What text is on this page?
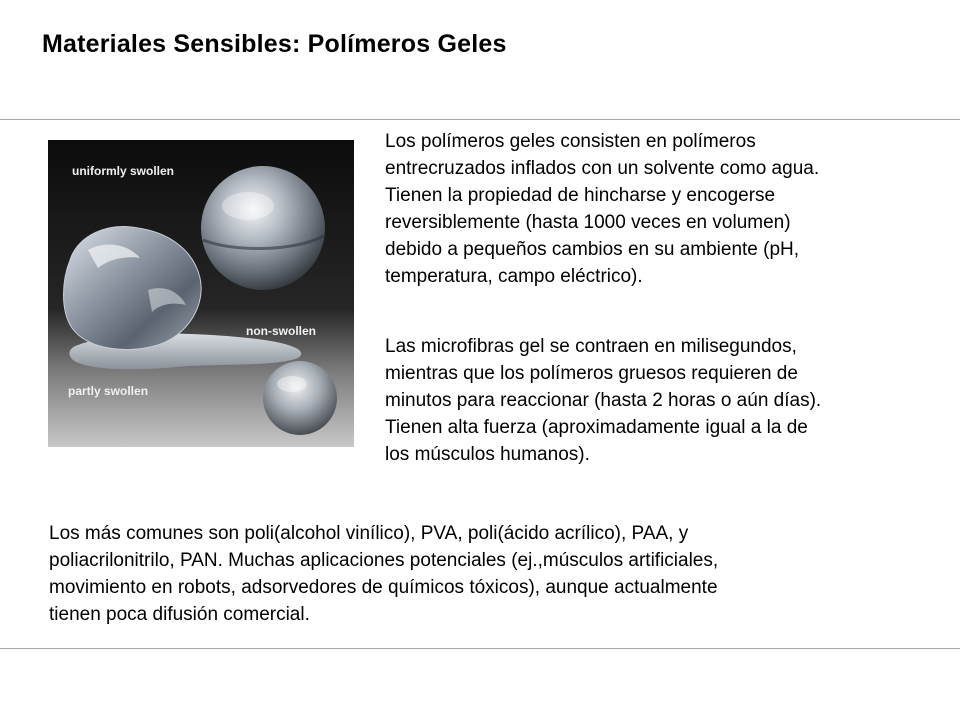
Materiales Sensibles: Polímeros Geles
uniformly swollen
non-swollen
partly swollen

Los polímeros geles consisten en polímeros
entrecruzados inflados con un solvente como agua.
Tienen la propiedad de hincharse y encogerse
reversiblemente (hasta 1000 veces en volumen)
debido a pequeños cambios en su ambiente (pH,
temperatura, campo eléctrico).

Las microfibras gel se contraen en milisegundos,
mientras que los polímeros gruesos requieren de
minutos para reaccionar (hasta 2 horas o aún días).
Tienen alta fuerza (aproximadamente igual a la de
los músculos humanos).

Los más comunes son poli(alcohol vinílico), PVA, poli(ácido acrílico), PAA, y
poliacrilonitrilo, PAN. Muchas aplicaciones potenciales (ej.,músculos artificiales,
movimiento en robots, adsorvedores de químicos tóxicos), aunque actualmente
tienen poca difusión comercial.
